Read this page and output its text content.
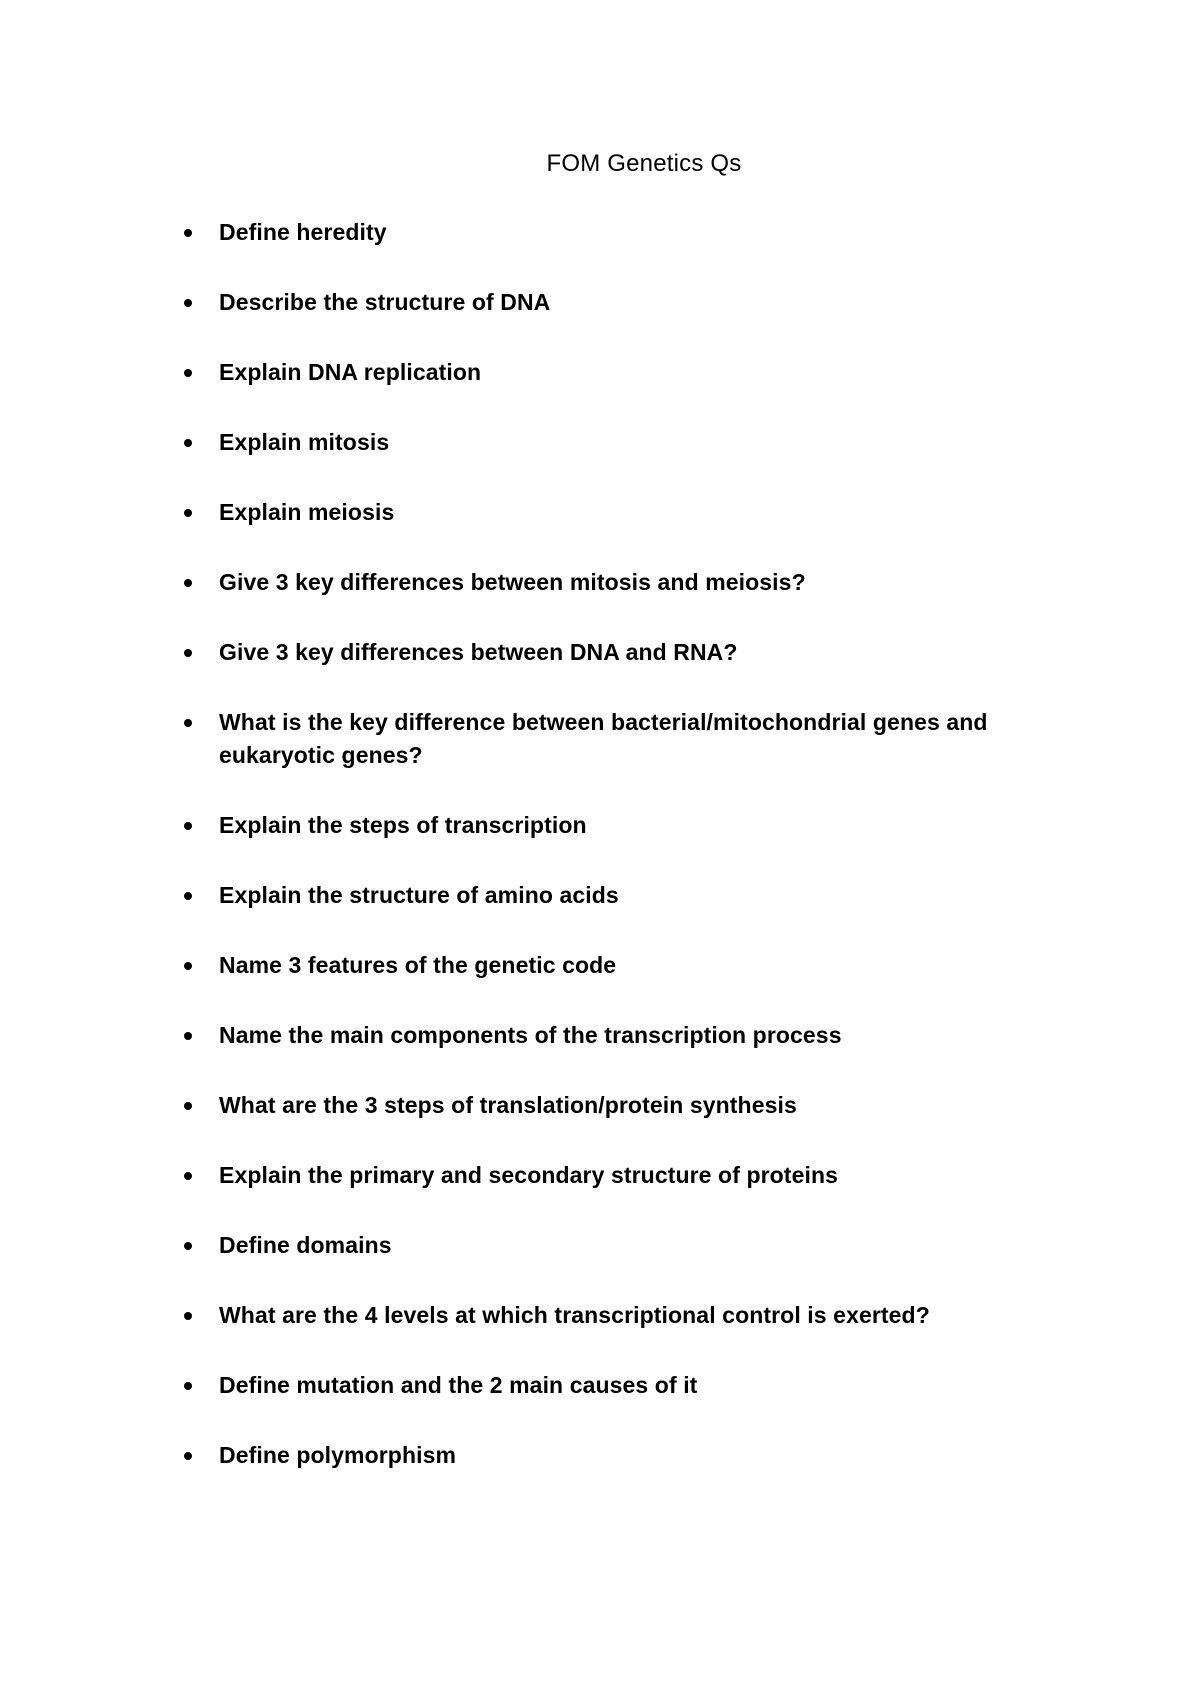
FOM Genetics Qs
Define heredity
Describe the structure of DNA
Explain DNA replication
Explain mitosis
Explain meiosis
Give 3 key differences between mitosis and meiosis?
Give 3 key differences between DNA and RNA?
What is the key difference between bacterial/mitochondrial genes and eukaryotic genes?
Explain the steps of transcription
Explain the structure of amino acids
Name 3 features of the genetic code
Name the main components of the transcription process
What are the 3 steps of translation/protein synthesis
Explain the primary and secondary structure of proteins
Define domains
What are the 4 levels at which transcriptional control is exerted?
Define mutation and the 2 main causes of it
Define polymorphism
